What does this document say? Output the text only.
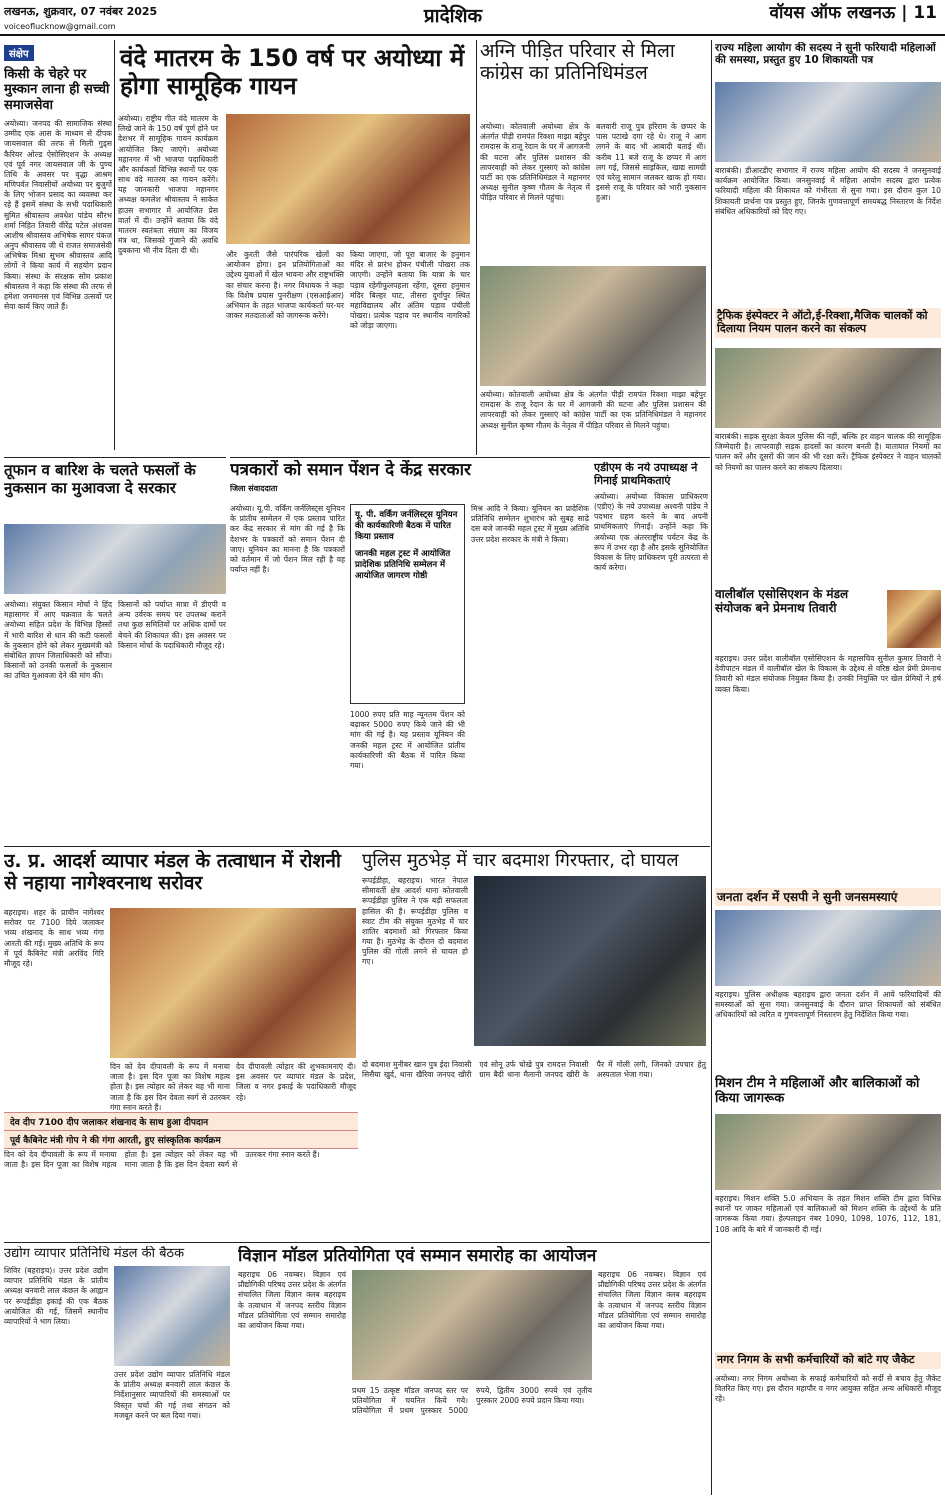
लखनऊ, शुक्रवार, 07 नवंबर 2025
voiceoflucknow@gmail.com	प्रादेशिक	वॉयस ऑफ लखनऊ | 11
संक्षेप
किसी के चेहरे पर मुस्कान लाना ही सच्ची समाजसेवा
अयोध्या। जनपद की सामाजिक संस्था उम्मीद एक आस के माध्यम से दीपक जायसवाल की तरफ से मिली गुड्स कैरियर ओल्ड ऐसोसिएशन के अध्यक्ष एवं पूर्व नगर जायसवाल जी के पुण्य तिथि के अवसर पर वृद्धा आश्रम मणिपर्वत निवासीयों अयोध्या पर बुजुर्गो के लिए भोजन प्रसाद का व्यवस्था कर रहे हैं इसमें संस्था के सभी पदाधिकारी सुमित श्रीवास्तव अवधेश पांडेय सौरभ शर्मा निहित तिवारी वीरेंद्र पटेल अंशवस आशीष श्रीवास्तव अभिषेक सागर पंकज अनुप श्रीवास्तव जी थे राजत समाजसेवी अभिषेक मिश्रा सुभम श्रीवास्तव आदि लोगों ने किया कार्य में सहयोग प्रदान किया। संस्था के संरक्षक सोम प्रकाश श्रीवास्तव ने कहा कि संस्था की तरफ से हमेशा जनमानस एवं विभिन्न उत्सवों पर सेवा कार्य किए जाते हैं।
वंदे मातरम के 150 वर्ष पर अयोध्या में होगा सामूहिक गायन
अयोध्या। राष्ट्रीय गीत वंदे मातरम के लिखे जाने के 150 वर्ष पूर्ण होने पर देशभर में सामूहिक गायन कार्यक्रम आयोजित किए जाएंगे। अयोध्या महानगर में भी भाजपा पदाधिकारी और कार्यकर्ता विभिन्न स्थानों पर एक साथ वंदे मातरम का गायन करेंगे। यह जानकारी भाजपा महानगर अध्यक्ष कमलेश श्रीवास्तव ने साकेत हाउस सभागार में आयोजित प्रेस वार्ता में दी। उन्होंने बताया कि वंदे मातरम स्वतंत्रता संग्राम का विजय मंत्र था, जिसको गुंजाने की अवधि दुबकाना भी नीव दिला दी थी।	और कुरती जैसे पारंपरिक खेलों का आयोजन होगा। इन प्रतियोगिताओं का उद्देश्य युवाओं में खेल भावना और राष्ट्रभक्ति का संचार करना है। नगर विधायक ने कहा कि विशेष प्रयास पुनरीक्षण (एसआईआर) अभियान के तहत भाजपा कार्यकर्ता घर-घर जाकर मतदाताओं को जागरूक करेंगे।
किया जाएगा, जो पूरा बाजार के हनुमान मंदिर से प्रारंभ होकर पंचीली पोखरा तक जाएगी। उन्होंने बताया कि यात्रा के चार पड़ाव रहेगीफूलपहला रहेंगा, दूसरा हनुमान मंदिर बिल्हर घाट, तीसरा दुर्गापुर स्थित महाविद्यालय और अंतिम पड़ाव पंचीली पोखरा। प्रत्येक पड़ाव पर स्थानीय नागरिकों को जोड़ा जाएगा।
अग्नि पीड़ित परिवार से मिला कांग्रेस का प्रतिनिधिमंडल
अयोध्या। कोतवाली अयोध्या क्षेत्र के अंतर्गत पीड़ी रामपंत रिक्शा माझा बहेपुर रामदास के राजू रेदान के घर में आगजनी की घटना और पुलिस प्रशासन की लापरवाही को लेकर गुस्साएं को कांग्रेस पार्टी का एक प्रतिनिधिमंडल ने महानगर अध्यक्ष सुनील कृष्ण गौतम के नेतृत्व में पीड़ित परिवार से मिलने पहुंचा।
बलवारी राजू पुत्र हरिराम के छप्पर के पास पटाखे दगा रहे थे। राजू ने आग लगने के बाद भी आबादी बताई थी। करीब 11 बजे राजू के छप्पर में आग लग गई, जिससे साइकिल, खाद्य सामग्री एवं घरेलू सामान जलकर खाक हो गया। इससे राजू के परिवार को भारी नुकसान हुआ।
अयोध्या। कोतवाली अयोध्या क्षेत्र के अंतर्गत पीड़ी रामपंत रिक्शा माझा बहेपुर रामदास के राजू रेदान के घर में आगजनी की घटना और पुलिस प्रशासन की लापरवाही को लेकर गुस्साएं को कांग्रेस पार्टी का एक प्रतिनिधिमंडल ने महानगर अध्यक्ष सुनील कृष्ण गौतम के नेतृत्व में पीड़ित परिवार से मिलने पहुंचा।
पत्रकारों को समान पेंशन दे केंद्र सरकार
जिला संवाददाता
अयोध्या। यू.पी. वर्किंग जर्नलिस्ट्स यूनियन के प्रांतीय सम्मेलन में एक प्रस्ताव पारित कर केंद्र सरकार से मांग की गई है कि देशभर के पत्रकारों को समान पेंशन दी जाए। यूनियन का मानना है कि पत्रकारों को वर्तमान में जो पेंशन मिल रही है वह पर्याप्त नहीं है।
यू. पी. वर्किंग जर्नलिस्ट्स यूनियन की कार्यकारिणी बैठक में पारित किया प्रस्ताव
जानकी महल ट्रस्ट में आयोजित प्रादेशिक प्रतिनिधि सम्मेलन में आयोजित जागरण गोष्ठी
1000 रुपए प्रति माह न्यूनतम पेंशन को बढ़ाकर 5000 रुपए किये जाने की भी मांग की गई है। यह प्रस्ताव यूनियन की जनकी महल ट्रस्ट में आयोजित प्रांतीय कार्यकारिणी की बैठक में पारित किया गया।
मिश्र आदि ने किया। यूनियन का प्रादेशिक प्रतिनिधि सम्मेलन शुभारंभ को सुबह साढ़े दस बजे जानकी महल ट्रस्ट में मुख्य अतिथि उत्तर प्रदेश सरकार के मंत्री ने किया।
एडीएम के नये उपाध्यक्ष ने गिनाई प्राथमिकताएं
अयोध्या। अयोध्या विकास प्राधिकरण (एडीए) के नये उपाध्यक्ष अश्वनी पांडेय ने पदभार ग्रहण करने के बाद अपनी प्राथमिकताएं गिनाईं। उन्होंने कहा कि अयोध्या एक अंतरराष्ट्रीय पर्यटन केंद्र के रूप में उभर रहा है और इसके सुनियोजित विकास के लिए प्राधिकरण पूरी तत्परता से कार्य करेगा।
तूफान व बारिश के चलते फसलों के नुकसान का मुआवजा दे सरकार
अयोध्या। संयुक्त किसान मोर्चा ने हिंद महासागर में आए चक्रवात के चलते अयोध्या सहित प्रदेश के विभिन्न हिस्सों में भारी बारिश से धान की कटी फसलों के नुकसान होने को लेकर मुख्यमंत्री को संबोधित ज्ञापन जिलाधिकारी को सौंपा। किसानों को उनकी फसलों के नुकसान का उचित मुआवजा देने की मांग की।
किसानों को पर्याप्त मात्रा में डीएपी व अन्य उर्वरक समय पर उपलब्ध कराने तथा कुछ समितियों पर अधिक दामों पर बेचने की शिकायत की। इस अवसर पर किसान मोर्चा के पदाधिकारी मौजूद रहे।
उ. प्र. आदर्श व्यापार मंडल के तत्वाधान में रोशनी से नहाया नागेश्वरनाथ सरोवर
बहराइच। शहर के प्राचीन नागेश्वर सरोवर पर 7100 दिये जलाकर भव्य शंखनाद के साथ भव्य गंगा आरती की गई। मुख्य अतिथि के रूप में पूर्व कैबिनेट मंत्री अरविंद गिरि मौजूद रहे।
देव दीप 7100 दीप जलाकर शंखनाद के साथ हुआ दीपदान
पूर्व कैबिनेट मंत्री गोप ने की गंगा आरती, हुए सांस्कृतिक कार्यक्रम
दिन को देव दीपावली के रूप में मनाया जाता है। इस दिन पूजा का विशेष महत्व होता है। इस त्योहार को लेकर यह भी माना जाता है कि इस दिन देवता स्वर्ग से उतरकर गंगा स्नान करते हैं।
देव दीपावली त्योहार की शुभकामनाएं दी। इस अवसर पर व्यापार मंडल के प्रदेश, जिला व नगर इकाई के पदाधिकारी मौजूद रहे।
दिन को देव दीपावली के रूप में मनाया जाता है। इस दिन पूजा का विशेष महत्व होता है। इस त्योहार को लेकर यह भी माना जाता है कि इस दिन देवता स्वर्ग से उतरकर गंगा स्नान करते हैं।
पुलिस मुठभेड़ में चार बदमाश गिरफ्तार, दो घायल
रूपईडीहा, बहराइच। भारत नेपाल सीमावर्ती क्षेत्र आदर्श थाना कोतवाली रूपईडीहा पुलिस ने एक बड़ी सफलता हासिल की है। रूपईडीहा पुलिस व स्वाट टीम की संयुक्त मुठभेड़ में चार शातिर बदमाशों को गिरफ्तार किया गया है। मुठभेड़ के दौरान दो बदमाश पुलिस की गोली लगने से घायल हो गए।
दो बदमाश मुनीबर खान पुत्र ईदा निवासी सिसैया खुर्द, थाना खैरिवा जनपद खीरी एवं सोनू उर्फ चोखे पुत्र रामदत्त निवासी ग्राम बैदी थाना मैलानी जनपद खीरी के पैर में गोली लगी, जिनको उपचार हेतु अस्पताल भेजा गया।
उद्योग व्यापार प्रतिनिधि मंडल की बैठक
शिविर (बहराइच)। उत्तर प्रदेश उद्योग व्यापार प्रतिनिधि मंडल के प्रांतीय अध्यक्ष बनवारी लाल कंछल के आह्वान पर रूपईडीहा इकाई की एक बैठक आयोजित की गई, जिसमें स्थानीय व्यापारियों ने भाग लिया।
उत्तर प्रदेश उद्योग व्यापार प्रतिनिधि मंडल के प्रांतीय अध्यक्ष बनवारी लाल कंछल के निर्देशानुसार व्यापारियों की समस्याओं पर विस्तृत चर्चा की गई तथा संगठन को मजबूत करने पर बल दिया गया।
विज्ञान मॉडल प्रतियोगिता एवं सम्मान समारोह का आयोजन
बहराइच 06 नवम्बर। विज्ञान एवं प्रौद्योगिकी परिषद उत्तर प्रदेश के अंतर्गत संचालित जिला विज्ञान क्लब बहराइच के तत्वाधान में जनपद स्तरीय विज्ञान मॉडल प्रतियोगिता एवं सम्मान समारोह का आयोजन किया गया।
प्रथम 15 उत्कृष्ट मॉडल जनपद स्तर पर प्रतियोगिता में चयनित किये गये। प्रतियोगिता में प्रथम पुरस्कार 5000 रुपये, द्वितीय 3000 रुपये एवं तृतीय पुरस्कार 2000 रुपये प्रदान किया गया।
बहराइच 06 नवम्बर। विज्ञान एवं प्रौद्योगिकी परिषद उत्तर प्रदेश के अंतर्गत संचालित जिला विज्ञान क्लब बहराइच के तत्वाधान में जनपद स्तरीय विज्ञान मॉडल प्रतियोगिता एवं सम्मान समारोह का आयोजन किया गया।
राज्य महिला आयोग की सदस्य ने सुनी फरियादी महिलाओं की समस्या, प्रस्तुत हुए 10 शिकायती पत्र
बाराबंकी। डीआरडीए सभागार में राज्य महिला आयोग की सदस्य ने जनसुनवाई कार्यक्रम आयोजित किया। जनसुनवाई में महिला आयोग सदस्य द्वारा प्रत्येक फरियादी महिला की शिकायत को गंभीरता से सुना गया। इस दौरान कुल 10 शिकायती प्रार्थना पत्र प्रस्तुत हुए, जिनके गुणवत्तापूर्ण समयबद्ध निस्तारण के निर्देश संबंधित अधिकारियों को दिए गए।
ट्रैफिक इंस्पेक्टर ने ऑटो,ई-रिक्शा,मैजिक चालकों को दिलाया नियम पालन करने का संकल्प
बाराबंकी। सड़क सुरक्षा केवल पुलिस की नहीं, बल्कि हर वाहन चालक की सामूहिक जिम्मेदारी है। लापरवाही सड़क हादसों का कारण बनती है। यातायात नियमों का पालन करें और दूसरों की जान की भी रक्षा करें। ट्रैफिक इंस्पेक्टर ने वाहन चालकों को नियमों का पालन करने का संकल्प दिलाया।
वालीबॉल एसोसिएशन के मंडल संयोजक बने प्रेमनाथ तिवारी
बहराइच। उत्तर प्रदेश वालीबॉल एसोसिएशन के महासचिव सुनील कुमार तिवारी ने देवीपाटन मंडल में वालीबॉल खेल के विकास के उद्देश्य से वरिष्ठ खेल प्रेमी प्रेमनाथ तिवारी को मंडल संयोजक नियुक्त किया है। उनकी नियुक्ति पर खेल प्रेमियों ने हर्ष व्यक्त किया।
जनता दर्शन में एसपी ने सुनी जनसमस्याएं
बहराइच। पुलिस अधीक्षक बहराइच द्वारा जनता दर्शन में आये फरियादियों की समस्याओं को सुना गया। जनसुनवाई के दौरान प्राप्त शिकायतों को संबंधित अधिकारियों को त्वरित व गुणवत्तापूर्ण निस्तारण हेतु निर्देशित किया गया।
मिशन टीम ने महिलाओं और बालिकाओं को किया जागरूक
बहराइच। मिशन शक्ति 5.0 अभियान के तहत मिशन शक्ति टीम द्वारा विभिन्न स्थानों पर जाकर महिलाओं एवं बालिकाओं को मिशन शक्ति के उद्देश्यों के प्रति जागरूक किया गया। हेल्पलाइन नंबर 1090, 1098, 1076, 112, 181, 108 आदि के बारे में जानकारी दी गई।
नगर निगम के सभी कर्मचारियों को बांटे गए जैकेट
अयोध्या। नगर निगम अयोध्या के सफाई कर्मचारियों को सर्दी से बचाव हेतु जैकेट वितरित किए गए। इस दौरान महापौर व नगर आयुक्त सहित अन्य अधिकारी मौजूद रहे।
